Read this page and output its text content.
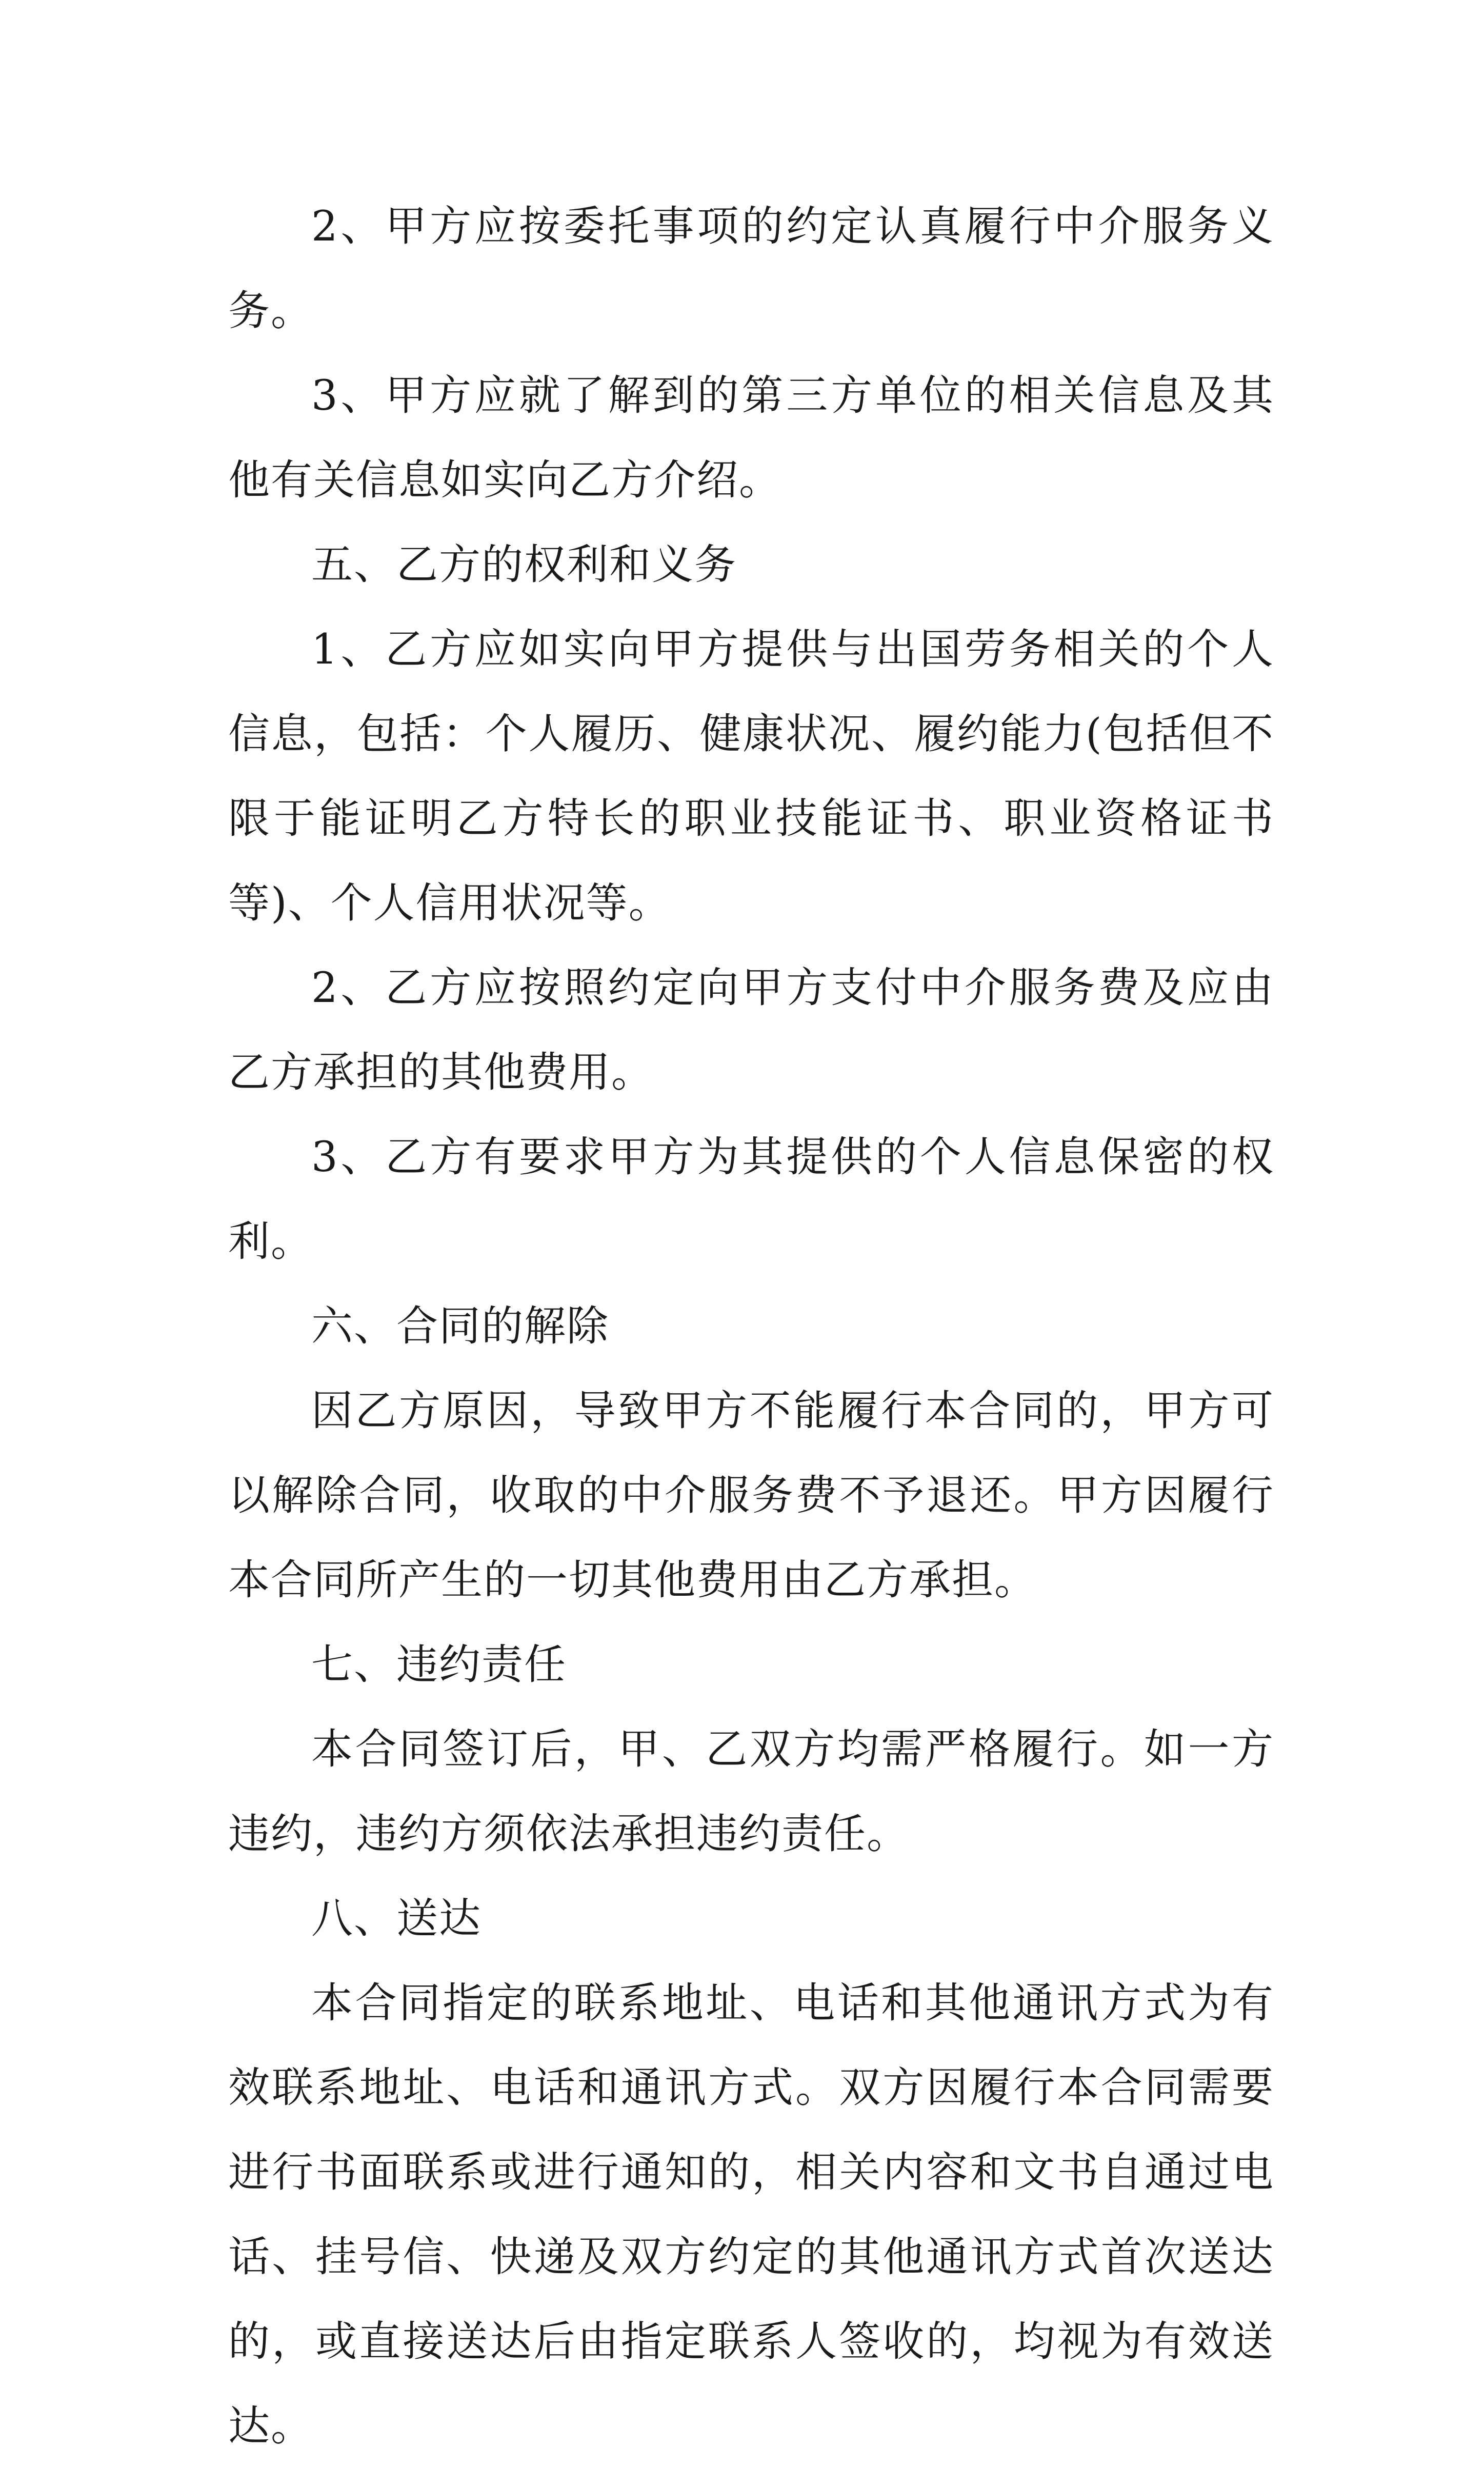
2、甲方应按委托事项的约定认真履行中介服务义务。

3、甲方应就了解到的第三方单位的相关信息及其他有关信息如实向乙方介绍。

五、乙方的权利和义务

1、乙方应如实向甲方提供与出国劳务相关的个人信息，包括：个人履历、健康状况、履约能力(包括但不限于能证明乙方特长的职业技能证书、职业资格证书等)、个人信用状况等。

2、乙方应按照约定向甲方支付中介服务费及应由乙方承担的其他费用。

3、乙方有要求甲方为其提供的个人信息保密的权利。

六、合同的解除

因乙方原因，导致甲方不能履行本合同的，甲方可以解除合同，收取的中介服务费不予退还。甲方因履行本合同所产生的一切其他费用由乙方承担。

七、违约责任

本合同签订后，甲、乙双方均需严格履行。如一方违约，违约方须依法承担违约责任。

八、送达

本合同指定的联系地址、电话和其他通讯方式为有效联系地址、电话和通讯方式。双方因履行本合同需要进行书面联系或进行通知的，相关内容和文书自通过电话、挂号信、快递及双方约定的其他通讯方式首次送达的，或直接送达后由指定联系人签收的，均视为有效送达。
